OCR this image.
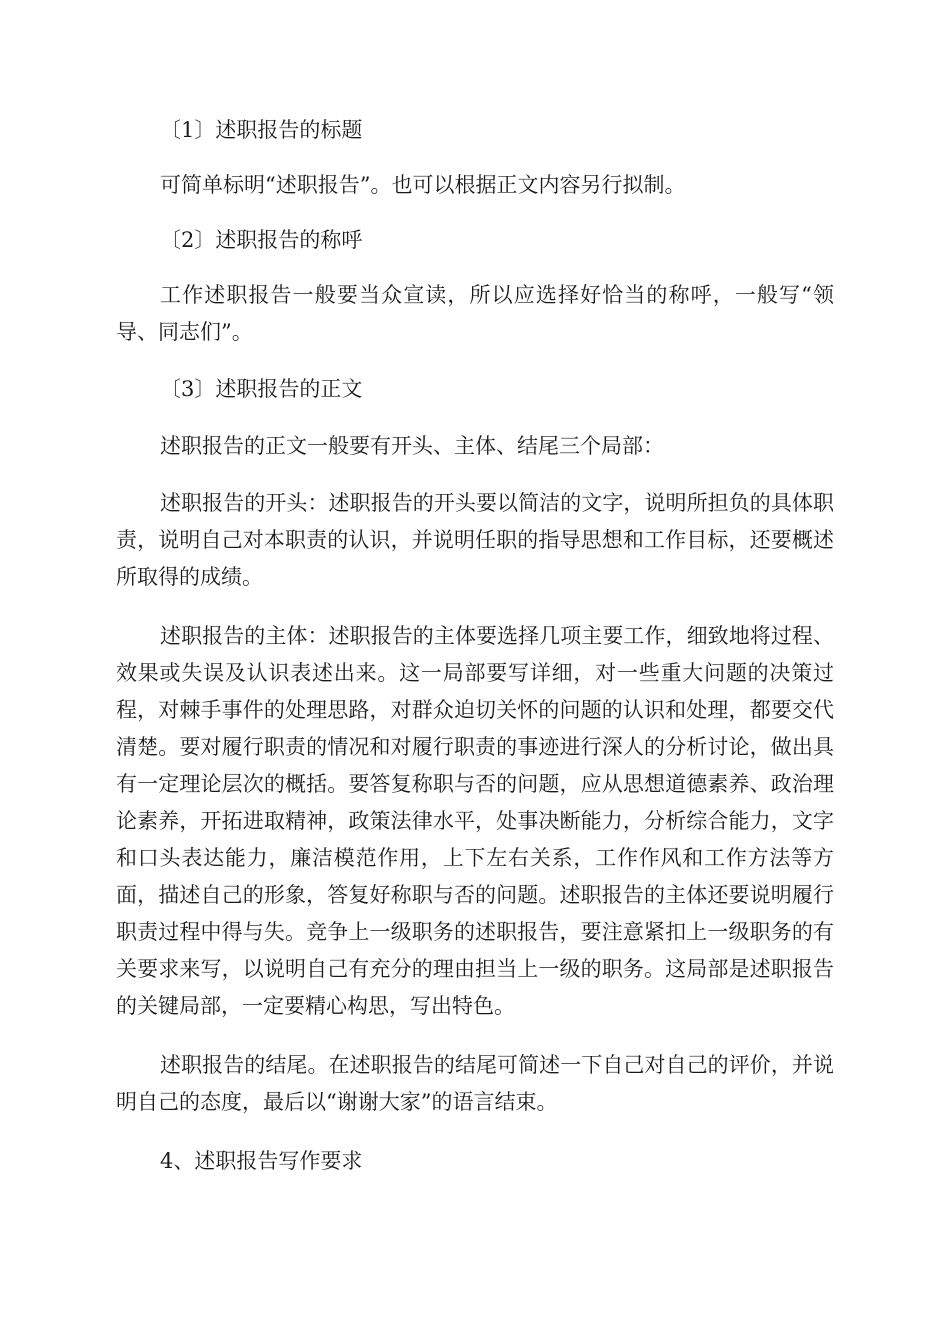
〔1〕述职报告的标题

可简单标明“述职报告”。也可以根据正文内容另行拟制。

〔2〕述职报告的称呼

工作述职报告一般要当众宣读，所以应选择好恰当的称呼，一般写“领导、同志们”。

〔3〕述职报告的正文

述职报告的正文一般要有开头、主体、结尾三个局部：

述职报告的开头：述职报告的开头要以简洁的文字，说明所担负的具体职责，说明自己对本职责的认识，并说明任职的指导思想和工作目标，还要概述所取得的成绩。

述职报告的主体：述职报告的主体要选择几项主要工作，细致地将过程、效果或失误及认识表述出来。这一局部要写详细，对一些重大问题的决策过程，对棘手事件的处理思路，对群众迫切关怀的问题的认识和处理，都要交代清楚。要对履行职责的情况和对履行职责的事迹进行深人的分析讨论，做出具有一定理论层次的概括。要答复称职与否的问题，应从思想道德素养、政治理论素养，开拓进取精神，政策法律水平，处事决断能力，分析综合能力，文字和口头表达能力，廉洁模范作用，上下左右关系，工作作风和工作方法等方面，描述自己的形象，答复好称职与否的问题。述职报告的主体还要说明履行职责过程中得与失。竞争上一级职务的述职报告，要注意紧扣上一级职务的有关要求来写，以说明自己有充分的理由担当上一级的职务。这局部是述职报告的关键局部，一定要精心构思，写出特色。

述职报告的结尾。在述职报告的结尾可简述一下自己对自己的评价，并说明自己的态度，最后以“谢谢大家”的语言结束。

4、述职报告写作要求
